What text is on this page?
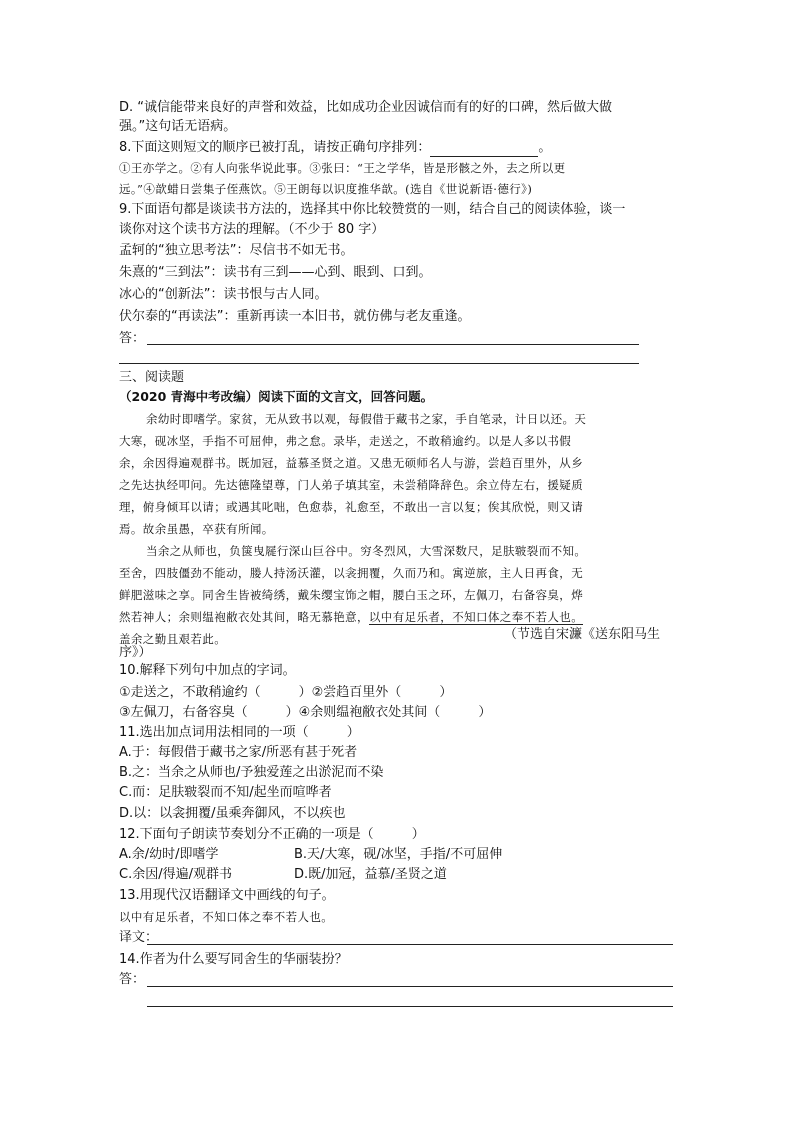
D. “诚信能带来良好的声誉和效益，比如成功企业因诚信而有的好的口碑，然后做大做
强。”这句话无语病。
8.下面这则短文的顺序已被打乱，请按正确句序排列：	。
①王亦学之。②有人向张华说此事。③张曰：“王之学华，皆是形骸之外，去之所以更
远。”④歆蜡日尝集子侄燕饮。⑤王朗每以识度推华歆。(选自《世说新语·德行》)
9.下面语句都是谈读书方法的，选择其中你比较赞赏的一则，结合自己的阅读体验，谈一
谈你对这个读书方法的理解。（不少于 80 字）
孟轲的“独立思考法”：尽信书不如无书。
朱熹的“三到法”：读书有三到——心到、眼到、口到。
冰心的“创新法”：读书恨与古人同。
伏尔泰的“再读法”：重新再读一本旧书，就仿佛与老友重逢。
答：
三、阅读题
（2020 青海中考改编）阅读下面的文言文，回答问题。
余幼时即嗜学。家贫，无从致书以观，每假借于藏书之家，手自笔录，计日以还。天
大寒，砚冰坚，手指不可屈伸，弗之怠。录毕，走送之，不敢稍逾约。以是人多以书假
余，余因得遍观群书。既加冠，益慕圣贤之道。又患无硕师名人与游，尝趋百里外，从乡
之先达执经叩问。先达德隆望尊，门人弟子填其室，未尝稍降辞色。余立侍左右，援疑质
理，俯身倾耳以请；或遇其叱咄，色愈恭，礼愈至，不敢出一言以复；俟其欣悦，则又请
焉。故余虽愚，卒获有所闻。
当余之从师也，负箧曳屣行深山巨谷中。穷冬烈风，大雪深数尺，足肤皲裂而不知。
至舍，四肢僵劲不能动，媵人持汤沃灌，以衾拥覆，久而乃和。寓逆旅，主人日再食，无
鲜肥滋味之享。同舍生皆被绮绣，戴朱缨宝饰之帽，腰白玉之环，左佩刀，右备容臭，烨
然若神人；余则缊袍敝衣处其间，略无慕艳意，以中有足乐者，不知口体之奉不若人也。
盖余之勤且艰若此。	（节选自宋濂《送东阳马生
序》）
10.解释下列句中加点的字词。
①走送之，不敢稍逾约（	）②尝趋百里外（	）
③左佩刀，右备容臭（	）④余则缊袍敝衣处其间（	）
11.选出加点词用法相同的一项（	）
A.于：每假借于藏书之家/所恶有甚于死者
B.之：当余之从师也/予独爱莲之出淤泥而不染
C.而：足肤皲裂而不知/起坐而喧哗者
D.以：以衾拥覆/虽乘奔御风，不以疾也
12.下面句子朗读节奏划分不正确的一项是（	）
A.余/幼时/即嗜学	B.天/大寒，砚/冰坚，手指/不可屈伸
C.余因/得遍/观群书	D.既/加冠，益慕/圣贤之道
13.用现代汉语翻译文中画线的句子。
以中有足乐者，不知口体之奉不若人也。
译文：
14.作者为什么要写同舍生的华丽装扮？
答：
